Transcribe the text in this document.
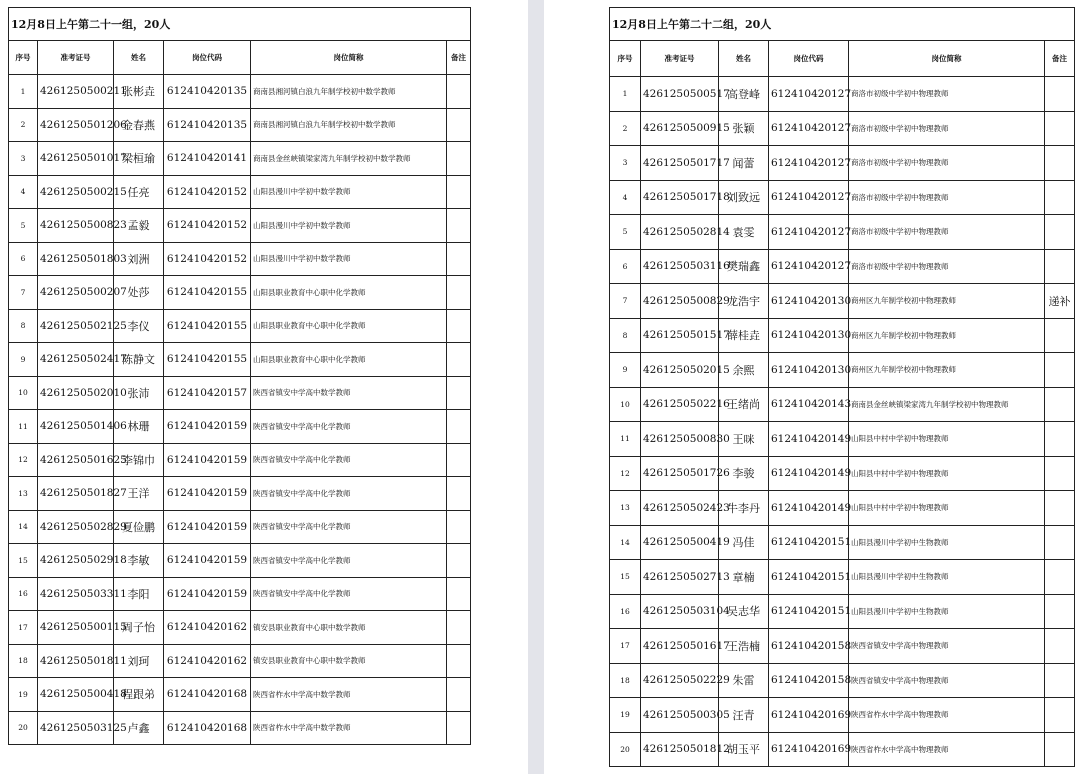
12月8日上午第二十一组，20人					
序号	准考证号	姓名	岗位代码	岗位简称	备注
1	4261250500211	张彬垚	612410420135	商南县湘河镇白浪九年制学校初中数学教师	
2	4261250501206	金春燕	612410420135	商南县湘河镇白浪九年制学校初中数学教师	
3	4261250501017	梁桓瑜	612410420141	商南县金丝峡镇梁家湾九年制学校初中数学教师	
4	4261250500215	任亮	612410420152	山阳县漫川中学初中数学教师	
5	4261250500823	孟毅	612410420152	山阳县漫川中学初中数学教师	
6	4261250501803	刘洲	612410420152	山阳县漫川中学初中数学教师	
7	4261250500207	处莎	612410420155	山阳县职业教育中心职中化学教师	
8	4261250502125	李仪	612410420155	山阳县职业教育中心职中化学教师	
9	4261250502417	陈静文	612410420155	山阳县职业教育中心职中化学教师	
10	4261250502010	张沛	612410420157	陕西省镇安中学高中数学教师	
11	4261250501406	林珊	612410420159	陕西省镇安中学高中化学教师	
12	4261250501625	李锦巾	612410420159	陕西省镇安中学高中化学教师	
13	4261250501827	王洋	612410420159	陕西省镇安中学高中化学教师	
14	4261250502829	夏俭鹏	612410420159	陕西省镇安中学高中化学教师	
15	4261250502918	李敏	612410420159	陕西省镇安中学高中化学教师	
16	4261250503311	李阳	612410420159	陕西省镇安中学高中化学教师	
17	4261250500115	周子怡	612410420162	镇安县职业教育中心职中数学教师	
18	4261250501811	刘珂	612410420162	镇安县职业教育中心职中数学教师	
19	4261250500418	程跟弟	612410420168	陕西省柞水中学高中数学教师	
20	4261250503125	卢鑫	612410420168	陕西省柞水中学高中数学教师	
12月8日上午第二十二组，20人					
序号	准考证号	姓名	岗位代码	岗位简称	备注
1	4261250500517	高登峰	612410420127	商洛市初级中学初中物理教师	
2	4261250500915	张颖	612410420127	商洛市初级中学初中物理教师	
3	4261250501717	闻蕾	612410420127	商洛市初级中学初中物理教师	
4	4261250501718	刘致远	612410420127	商洛市初级中学初中物理教师	
5	4261250502814	袁雯	612410420127	商洛市初级中学初中物理教师	
6	4261250503116	樊瑞鑫	612410420127	商洛市初级中学初中物理教师	
7	4261250500829	龙浩宇	612410420130	商州区九年制学校初中物理教师	递补
8	4261250501517	薛桂垚	612410420130	商州区九年制学校初中物理教师	
9	4261250502015	余熙	612410420130	商州区九年制学校初中物理教师	
10	4261250502216	王绪尚	612410420143	商南县金丝峡镇梁家湾九年制学校初中物理教师	
11	4261250500830	王咪	612410420149	山阳县中村中学初中物理教师	
12	4261250501726	李骏	612410420149	山阳县中村中学初中物理教师	
13	4261250502423	牛李丹	612410420149	山阳县中村中学初中物理教师	
14	4261250500419	冯佳	612410420151	山阳县漫川中学初中生物教师	
15	4261250502713	章楠	612410420151	山阳县漫川中学初中生物教师	
16	4261250503104	吴志华	612410420151	山阳县漫川中学初中生物教师	
17	4261250501617	王浩楠	612410420158	陕西省镇安中学高中物理教师	
18	4261250502229	朱雷	612410420158	陕西省镇安中学高中物理教师	
19	4261250500305	汪青	612410420169	陕西省柞水中学高中物理教师	
20	4261250501812	胡玉平	612410420169	陕西省柞水中学高中物理教师	
